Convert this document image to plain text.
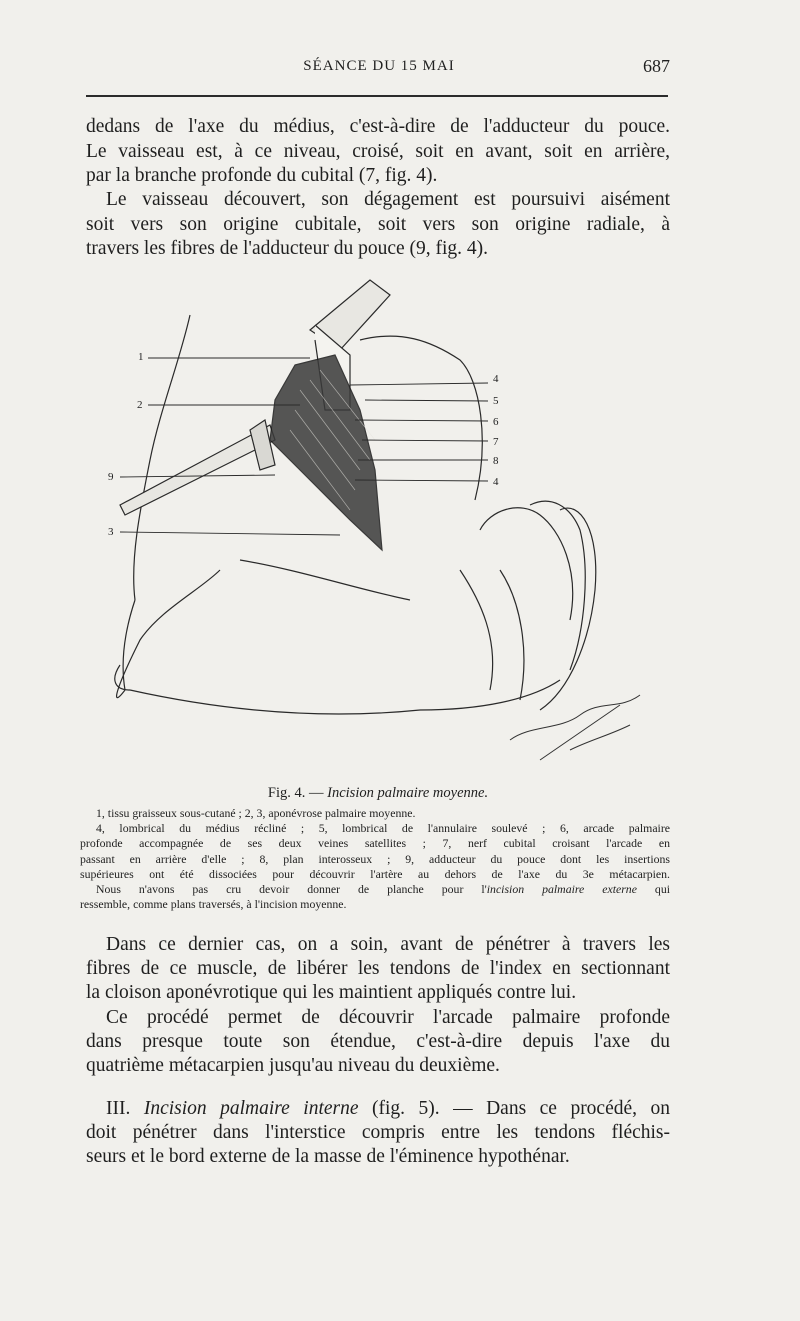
SÉANCE DU 15 MAI	687
dedans de l'axe du médius, c'est-à-dire de l'adducteur du pouce.
Le vaisseau est, à ce niveau, croisé, soit en avant, soit en arrière,
par la branche profonde du cubital (7, fig. 4).
Le vaisseau découvert, son dégagement est poursuivi aisément
soit vers son origine cubitale, soit vers son origine radiale, à
travers les fibres de l'adducteur du pouce (9, fig. 4).
1
2
9
3
4
5
6
7
8
4
Fig. 4. — Incision palmaire moyenne.
1, tissu graisseux sous-cutané ; 2, 3, aponévrose palmaire moyenne.
4, lombrical du médius récliné ; 5, lombrical de l'annulaire soulevé ; 6, arcade palmaire
profonde accompagnée de ses deux veines satellites ; 7, nerf cubital croisant l'arcade en
passant en arrière d'elle ; 8, plan interosseux ; 9, adducteur du pouce dont les insertions
supérieures ont été dissociées pour découvrir l'artère au dehors de l'axe du 3e métacarpien.
Nous n'avons pas cru devoir donner de planche pour l'incision palmaire externe qui
ressemble, comme plans traversés, à l'incision moyenne.
Dans ce dernier cas, on a soin, avant de pénétrer à travers les
fibres de ce muscle, de libérer les tendons de l'index en sectionnant
la cloison aponévrotique qui les maintient appliqués contre lui.
Ce procédé permet de découvrir l'arcade palmaire profonde
dans presque toute son étendue, c'est-à-dire depuis l'axe du
quatrième métacarpien jusqu'au niveau du deuxième.
III. Incision palmaire interne (fig. 5). — Dans ce procédé, on
doit pénétrer dans l'interstice compris entre les tendons fléchis-
seurs et le bord externe de la masse de l'éminence hypothénar.
